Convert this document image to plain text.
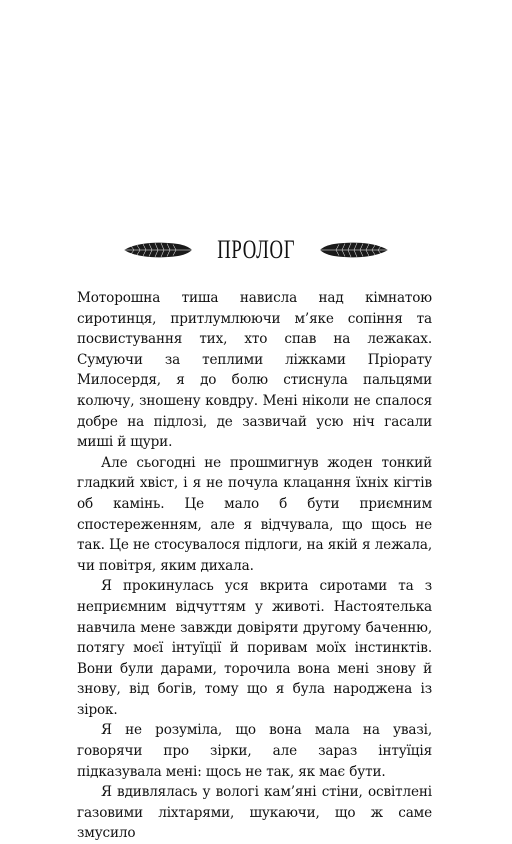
ПРОЛОГ

Моторошна тиша нависла над кімнатою сиротинця, притлумлюючи м’яке сопіння та посвистування тих, хто спав на лежаках. Сумуючи за теплими ліжками Пріорату Милосердя, я до болю стиснула пальцями колючу, зношену ковдру. Мені ніколи не спалося добре на підлозі, де зазвичай усю ніч гасали миші й щури.

Але сьогодні не прошмигнув жоден тонкий гладкий хвіст, і я не почула клацання їхніх кігтів об камінь. Це мало б бути приємним спостереженням, але я відчувала, що щось не так. Це не стосувалося підлоги, на якій я лежала, чи повітря, яким дихала.

Я прокинулась уся вкрита сиротами та з неприємним відчуттям у животі. Настоятелька навчила мене завжди довіряти другому баченню, потягу моєї інтуїції й поривам моїх інстинктів. Вони були дарами, торочила вона мені знову й знову, від богів, тому що я була народжена із зірок.

Я не розуміла, що вона мала на увазі, говорячи про зірки, але зараз інтуїція підказувала мені: щось не так, як має бути.

Я вдивлялась у вологі кам’яні стіни, освітлені газовими ліхтарями, шукаючи, що ж саме змусило
